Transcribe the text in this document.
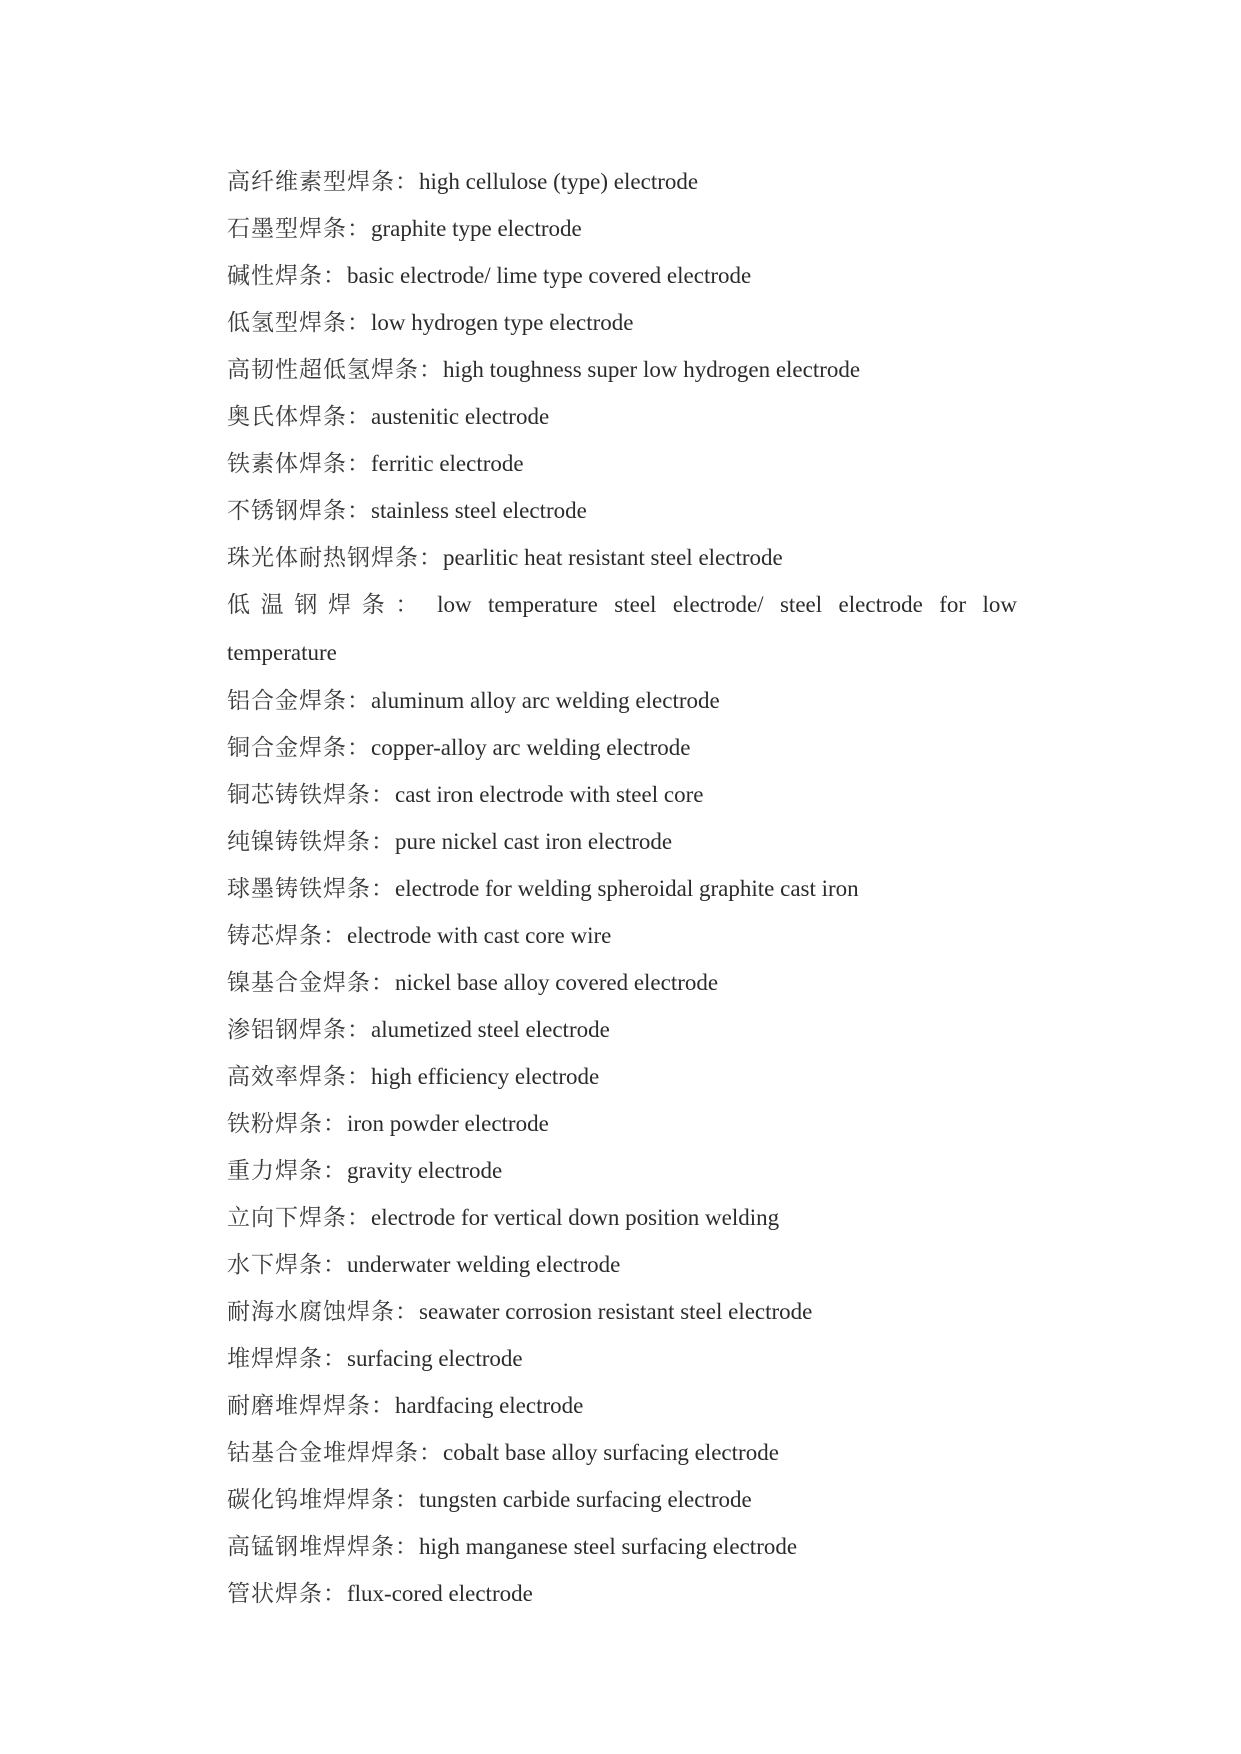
高纤维素型焊条：high cellulose (type) electrode
石墨型焊条：graphite type electrode
碱性焊条：basic electrode/ lime type covered electrode
低氢型焊条：low hydrogen type electrode
高韧性超低氢焊条：high toughness super low hydrogen electrode
奥氏体焊条：austenitic electrode
铁素体焊条：ferritic electrode
不锈钢焊条：stainless steel electrode
珠光体耐热钢焊条：pearlitic heat resistant steel electrode
低温钢焊条： low temperature steel electrode/ steel electrode for low temperature
铝合金焊条：aluminum alloy arc welding electrode
铜合金焊条：copper-alloy arc welding electrode
铜芯铸铁焊条：cast iron electrode with steel core
纯镍铸铁焊条：pure nickel cast iron electrode
球墨铸铁焊条：electrode for welding spheroidal graphite cast iron
铸芯焊条：electrode with cast core wire
镍基合金焊条：nickel base alloy covered electrode
渗铝钢焊条：alumetized steel electrode
高效率焊条：high efficiency electrode
铁粉焊条：iron powder electrode
重力焊条：gravity electrode
立向下焊条：electrode for vertical down position welding
水下焊条：underwater welding electrode
耐海水腐蚀焊条：seawater corrosion resistant steel electrode
堆焊焊条：surfacing electrode
耐磨堆焊焊条：hardfacing electrode
钴基合金堆焊焊条：cobalt base alloy surfacing electrode
碳化钨堆焊焊条：tungsten carbide surfacing electrode
高锰钢堆焊焊条：high manganese steel surfacing electrode
管状焊条：flux-cored electrode
